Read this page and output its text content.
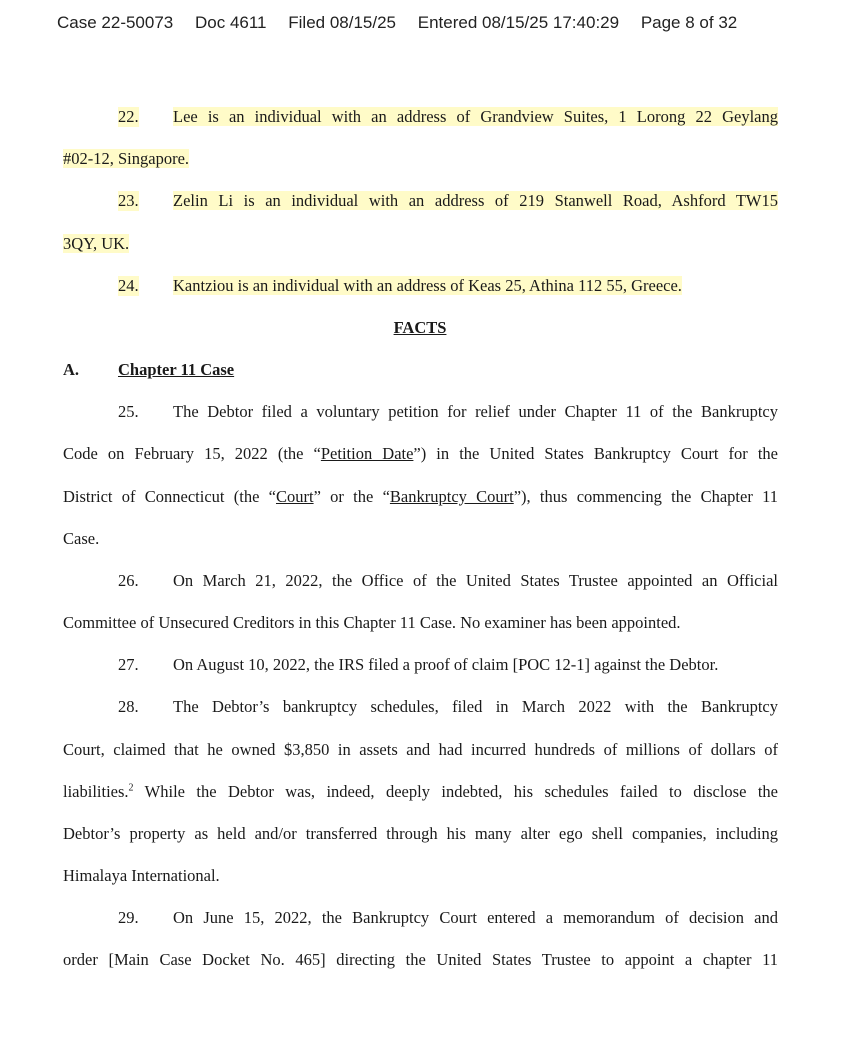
Case 22-50073 Doc 4611 Filed 08/15/25 Entered 08/15/25 17:40:29 Page 8 of 32
22. Lee is an individual with an address of Grandview Suites, 1 Lorong 22 Geylang
#02-12, Singapore.
23. Zelin Li is an individual with an address of 219 Stanwell Road, Ashford TW15
3QY, UK.
24. Kantziou is an individual with an address of Keas 25, Athina 112 55, Greece.
FACTS
A. Chapter 11 Case
25. The Debtor filed a voluntary petition for relief under Chapter 11 of the Bankruptcy
Code on February 15, 2022 (the “Petition Date”) in the United States Bankruptcy Court for the
District of Connecticut (the “Court” or the “Bankruptcy Court”), thus commencing the Chapter 11
Case.
26. On March 21, 2022, the Office of the United States Trustee appointed an Official
Committee of Unsecured Creditors in this Chapter 11 Case. No examiner has been appointed.
27. On August 10, 2022, the IRS filed a proof of claim [POC 12-1] against the Debtor.
28. The Debtor’s bankruptcy schedules, filed in March 2022 with the Bankruptcy
Court, claimed that he owned $3,850 in assets and had incurred hundreds of millions of dollars of
liabilities.$^2$ While the Debtor was, indeed, deeply indebted, his schedules failed to disclose the
Debtor’s property as held and/or transferred through his many alter ego shell companies, including
Himalaya International.
29. On June 15, 2022, the Bankruptcy Court entered a memorandum of decision and
order [Main Case Docket No. 465] directing the United States Trustee to appoint a chapter 11
